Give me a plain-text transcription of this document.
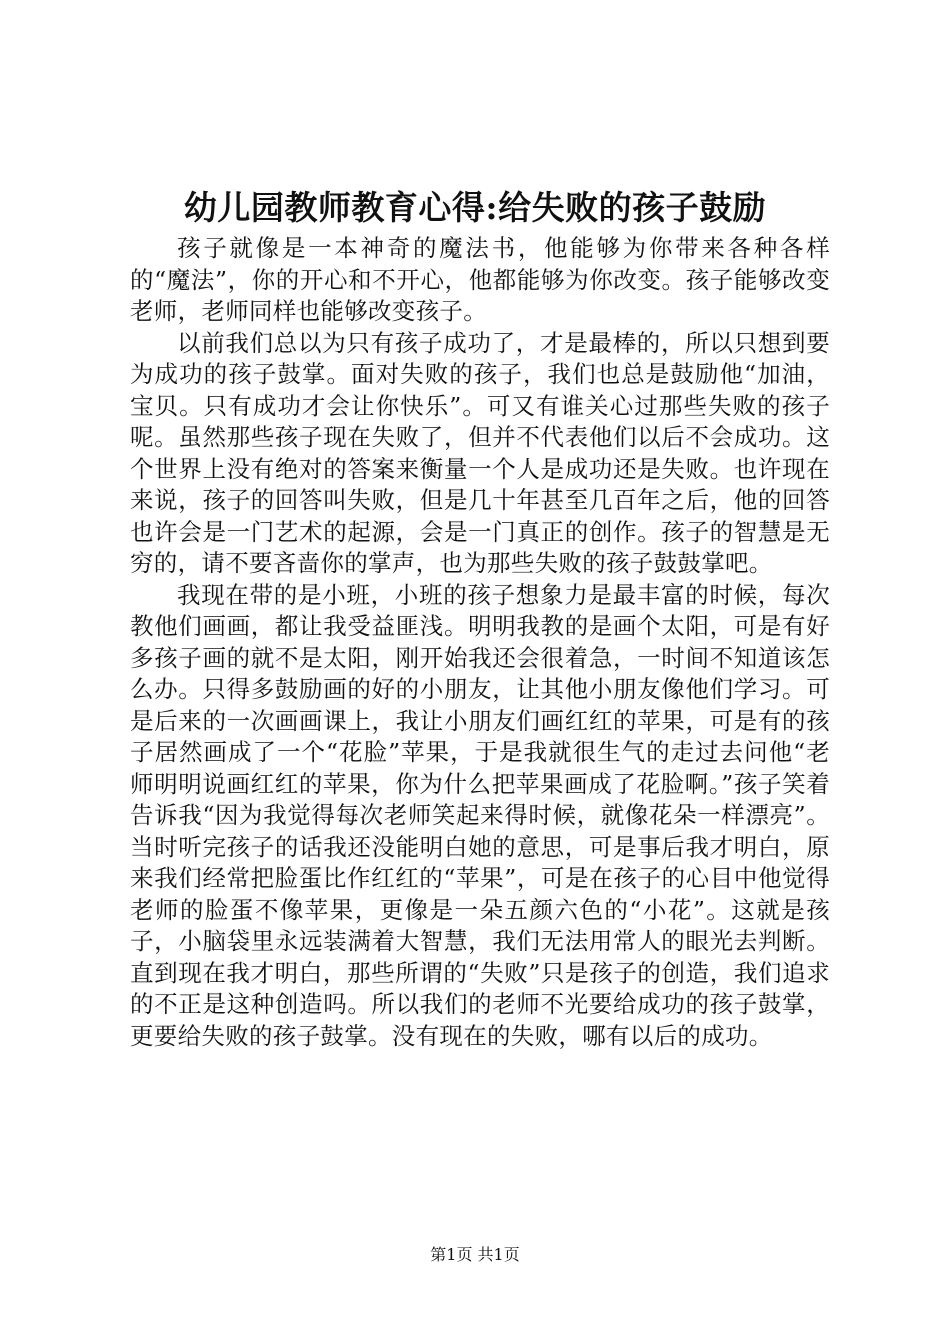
幼儿园教师教育心得:给失败的孩子鼓励

孩子就像是一本神奇的魔法书，他能够为你带来各种各样的“魔法”，你的开心和不开心，他都能够为你改变。孩子能够改变老师，老师同样也能够改变孩子。

以前我们总以为只有孩子成功了，才是最棒的，所以只想到要为成功的孩子鼓掌。面对失败的孩子，我们也总是鼓励他“加油，宝贝。只有成功才会让你快乐”。可又有谁关心过那些失败的孩子呢。虽然那些孩子现在失败了，但并不代表他们以后不会成功。这个世界上没有绝对的答案来衡量一个人是成功还是失败。也许现在来说，孩子的回答叫失败，但是几十年甚至几百年之后，他的回答也许会是一门艺术的起源，会是一门真正的创作。孩子的智慧是无穷的，请不要吝啬你的掌声，也为那些失败的孩子鼓鼓掌吧。

我现在带的是小班，小班的孩子想象力是最丰富的时候，每次教他们画画，都让我受益匪浅。明明我教的是画个太阳，可是有好多孩子画的就不是太阳，刚开始我还会很着急，一时间不知道该怎么办。只得多鼓励画的好的小朋友，让其他小朋友像他们学习。可是后来的一次画画课上，我让小朋友们画红红的苹果，可是有的孩子居然画成了一个“花脸”苹果，于是我就很生气的走过去问他“老师明明说画红红的苹果，你为什么把苹果画成了花脸啊。”孩子笑着告诉我“因为我觉得每次老师笑起来得时候，就像花朵一样漂亮”。当时听完孩子的话我还没能明白她的意思，可是事后我才明白，原来我们经常把脸蛋比作红红的“苹果”，可是在孩子的心目中他觉得老师的脸蛋不像苹果，更像是一朵五颜六色的“小花”。这就是孩子，小脑袋里永远装满着大智慧，我们无法用常人的眼光去判断。直到现在我才明白，那些所谓的“失败”只是孩子的创造，我们追求的不正是这种创造吗。所以我们的老师不光要给成功的孩子鼓掌，更要给失败的孩子鼓掌。没有现在的失败，哪有以后的成功。

第1页 共1页
